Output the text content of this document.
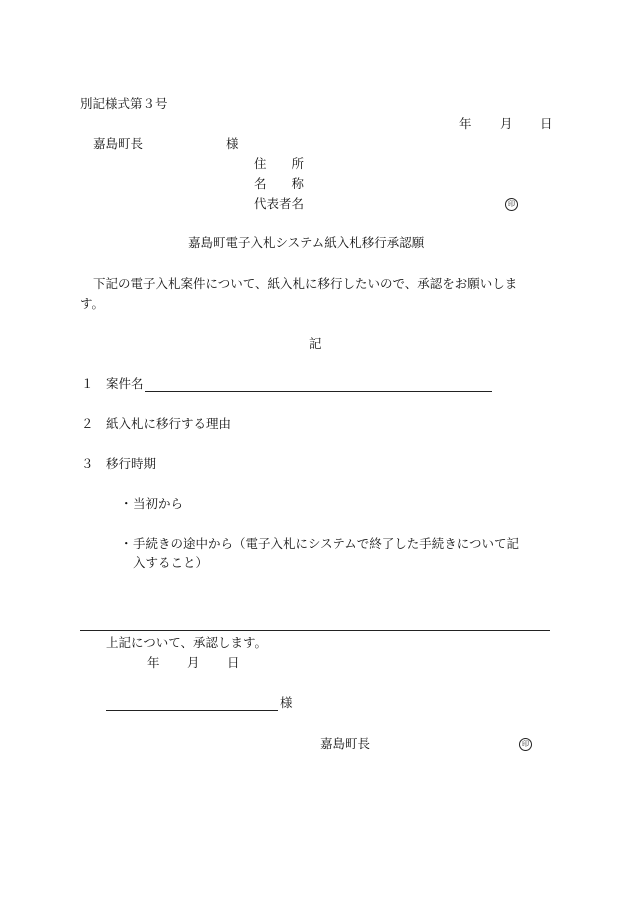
別記様式第３号
年 月 日
嘉島町長	様
住　　所
名　　称
代表者名	印
嘉島町電子入札システム紙入札移行承認願
下記の電子入札案件について、紙入札に移行したいので、承認をお願いしま
す。
記
１ 案件名
２ 紙入札に移行する理由
３ 移行時期
・ 当初から
・ 手続きの途中から（電子入札にシステムで終了した手続きについて記
入すること）
上記について、承認します。
年 月 日
様
嘉島町長	印
